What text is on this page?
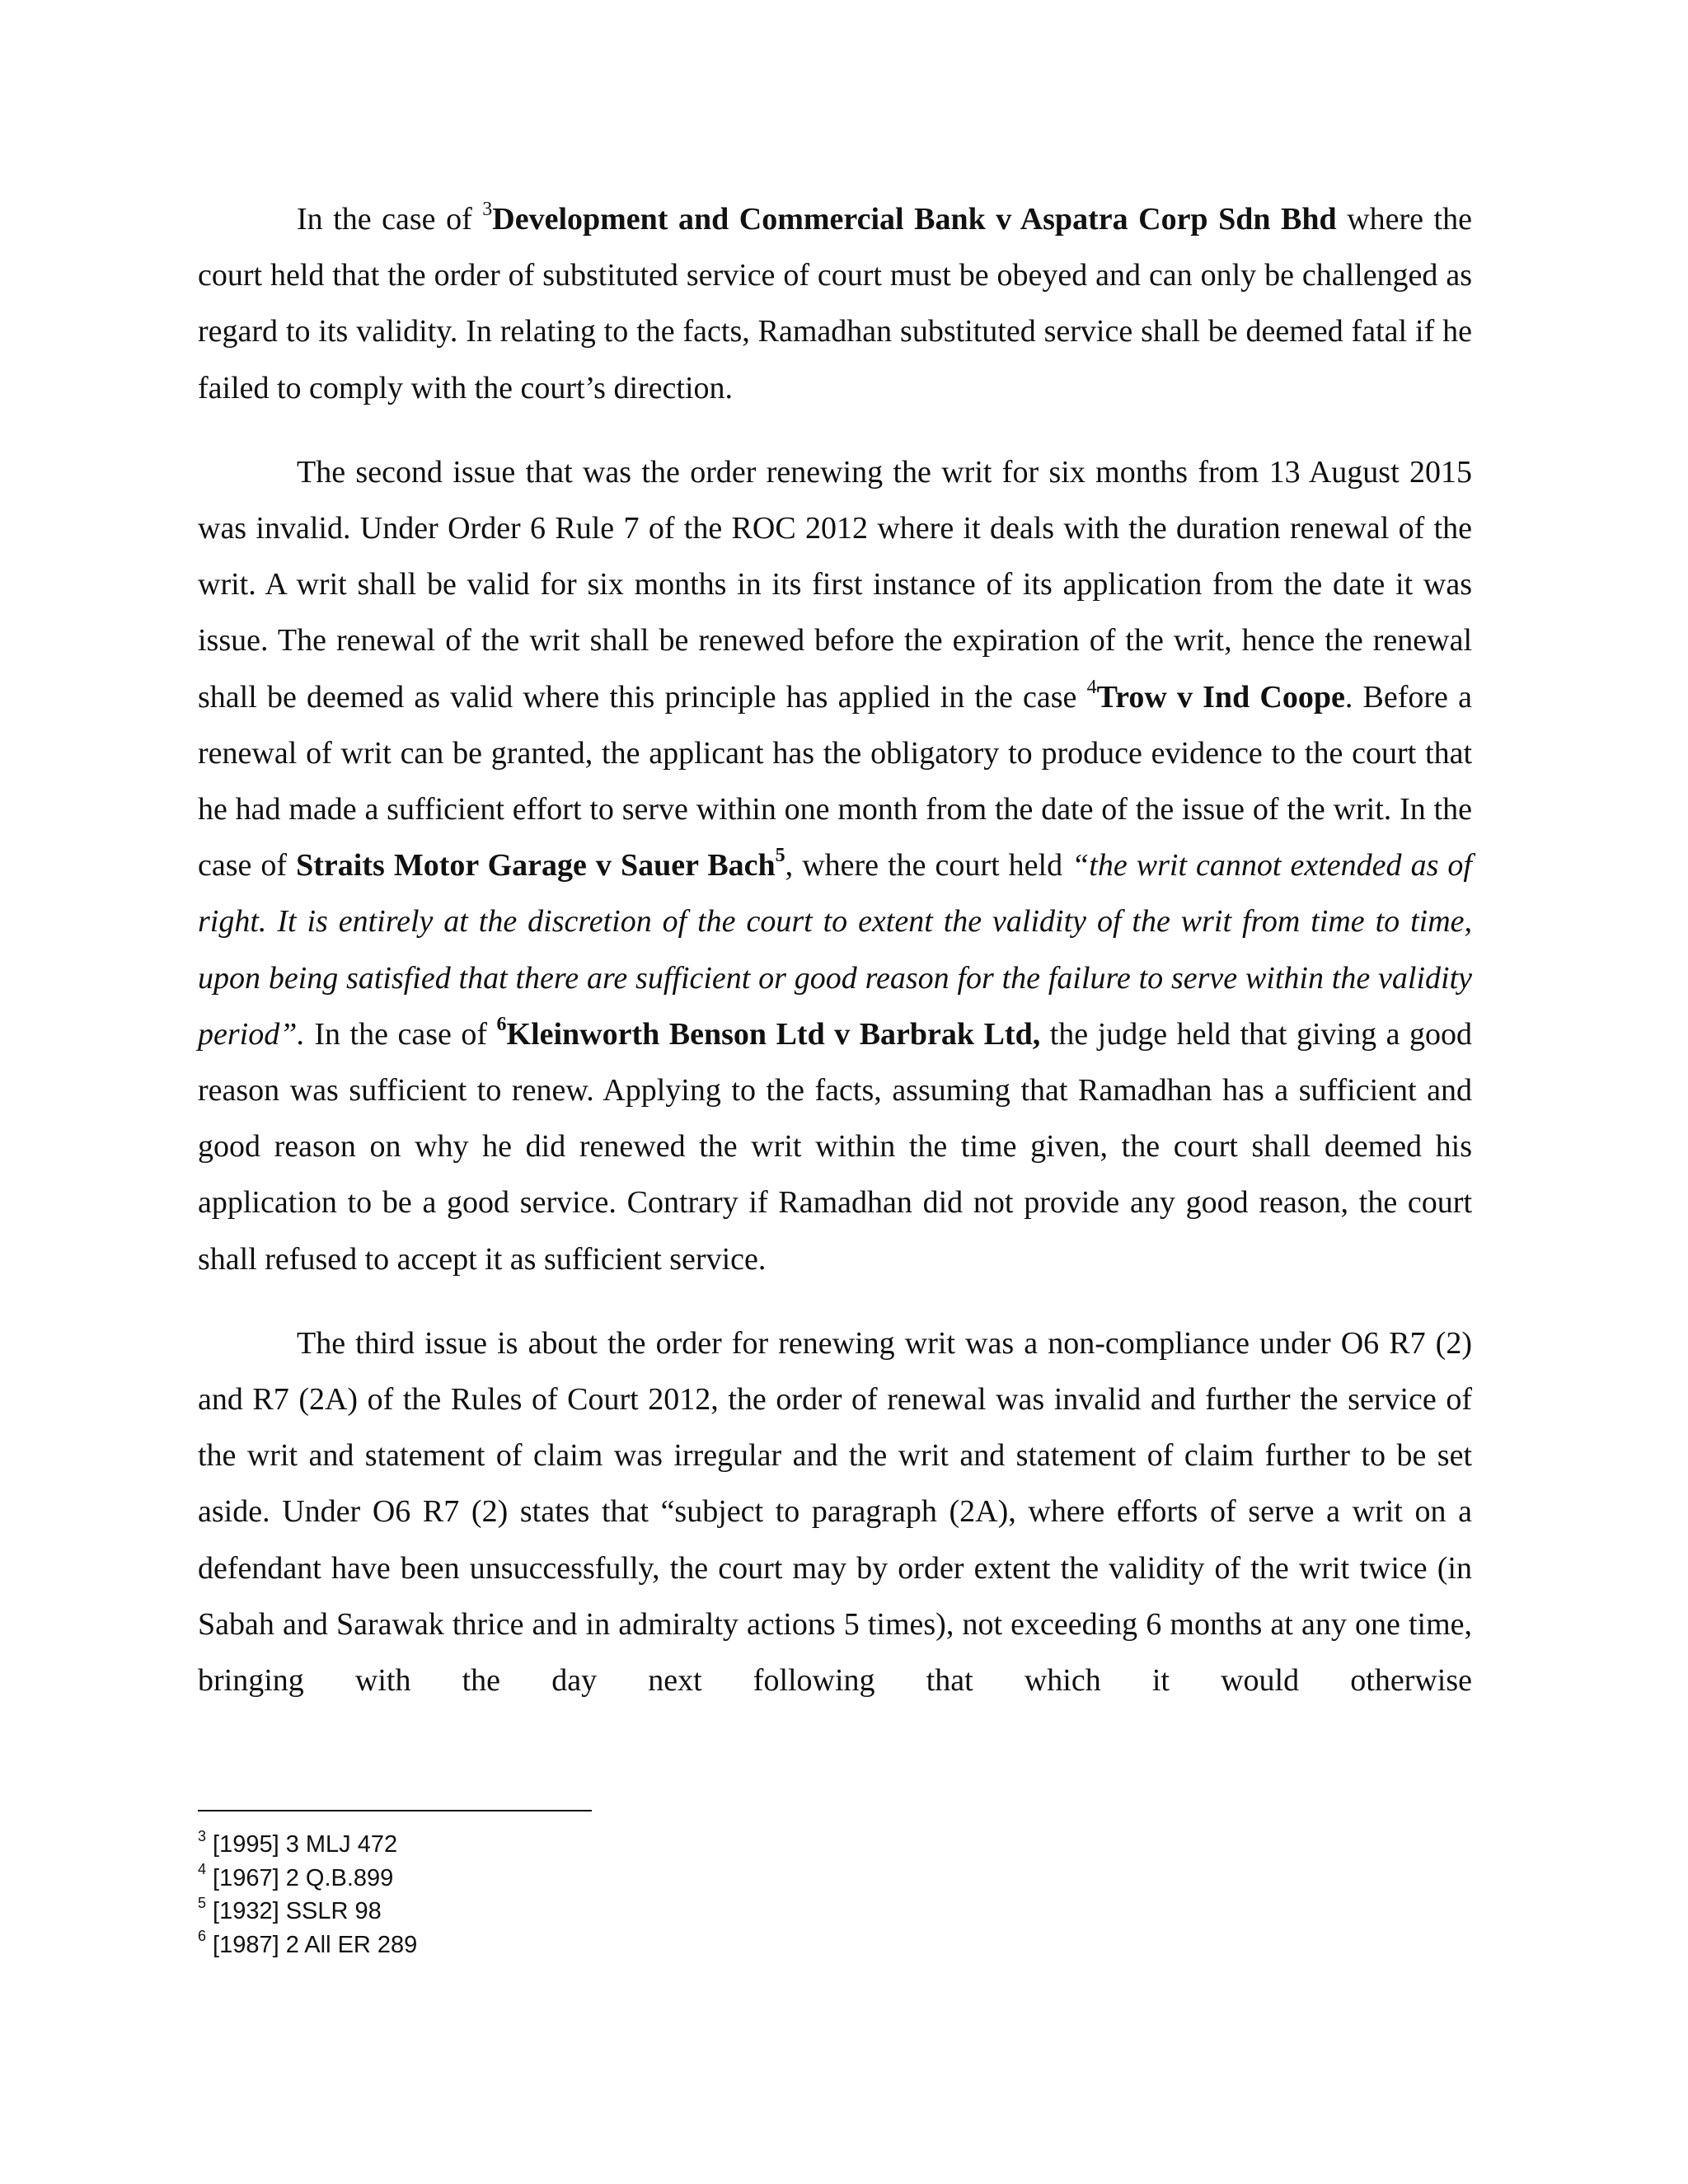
In the case of $^3$Development and Commercial Bank v Aspatra Corp Sdn Bhd where the court held that the order of substituted service of court must be obeyed and can only be challenged as regard to its validity. In relating to the facts, Ramadhan substituted service shall be deemed fatal if he failed to comply with the court’s direction.

The second issue that was the order renewing the writ for six months from 13 August 2015 was invalid. Under Order 6 Rule 7 of the ROC 2012 where it deals with the duration renewal of the writ. A writ shall be valid for six months in its first instance of its application from the date it was issue. The renewal of the writ shall be renewed before the expiration of the writ, hence the renewal shall be deemed as valid where this principle has applied in the case $^4$Trow v Ind Coope. Before a renewal of writ can be granted, the applicant has the obligatory to produce evidence to the court that he had made a sufficient effort to serve within one month from the date of the issue of the writ. In the case of Straits Motor Garage v Sauer Bach$^5$, where the court held “the writ cannot extended as of right. It is entirely at the discretion of the court to extent the validity of the writ from time to time, upon being satisfied that there are sufficient or good reason for the failure to serve within the validity period”. In the case of $^6$Kleinworth Benson Ltd v Barbrak Ltd, the judge held that giving a good reason was sufficient to renew. Applying to the facts, assuming that Ramadhan has a sufficient and good reason on why he did renewed the writ within the time given, the court shall deemed his application to be a good service. Contrary if Ramadhan did not provide any good reason, the court shall refused to accept it as sufficient service.

The third issue is about the order for renewing writ was a non-compliance under O6 R7 (2) and R7 (2A) of the Rules of Court 2012, the order of renewal was invalid and further the service of the writ and statement of claim was irregular and the writ and statement of claim further to be set aside. Under O6 R7 (2) states that “subject to paragraph (2A), where efforts of serve a writ on a defendant have been unsuccessfully, the court may by order extent the validity of the writ twice (in Sabah and Sarawak thrice and in admiralty actions 5 times), not exceeding 6 months at any one time, bringing with the day next following that which it would otherwise

$^3$ [1995] 3 MLJ 472

$^4$ [1967] 2 Q.B.899

$^5$ [1932] SSLR 98

$^6$ [1987] 2 All ER 289
